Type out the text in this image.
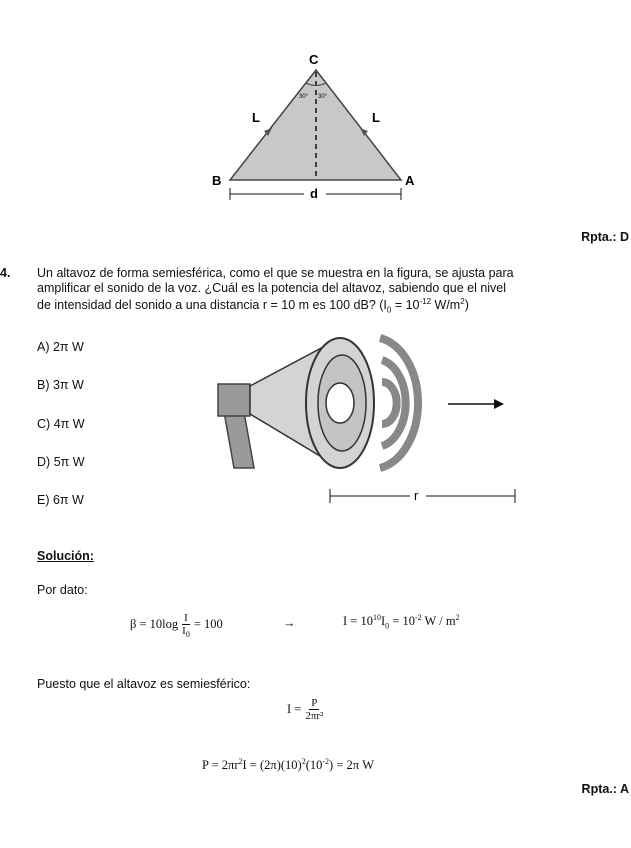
C
B	A
L	L
d
30° 30°
Rpta.: D
4. Un altavoz de forma semiesférica, como el que se muestra en la figura, se ajusta para
amplificar el sonido de la voz. ¿Cuál es la potencia del altavoz, sabiendo que el nivel
de intensidad del sonido a una distancia r = 10 m es 100 dB? ($I_0 = 10^{-12}$ $W/m^2$)
A) 2π W
B) 3π W
C) 4π W
D) 5π W
E) 6π W	r
Solución:
Por dato:
$\beta = 10\log \frac{I}{I_0} = 100$	→	$I = 10^{10}I_0 = 10^{-2}$ W / $m^2$
Puesto que el altavoz es semiesférico:
$I = \frac{P}{\text{2πr²}}$
$P = 2\pi r^2I = (2\pi)(10)^2(10^{-2}) = 2\pi$ W
Rpta.: A
